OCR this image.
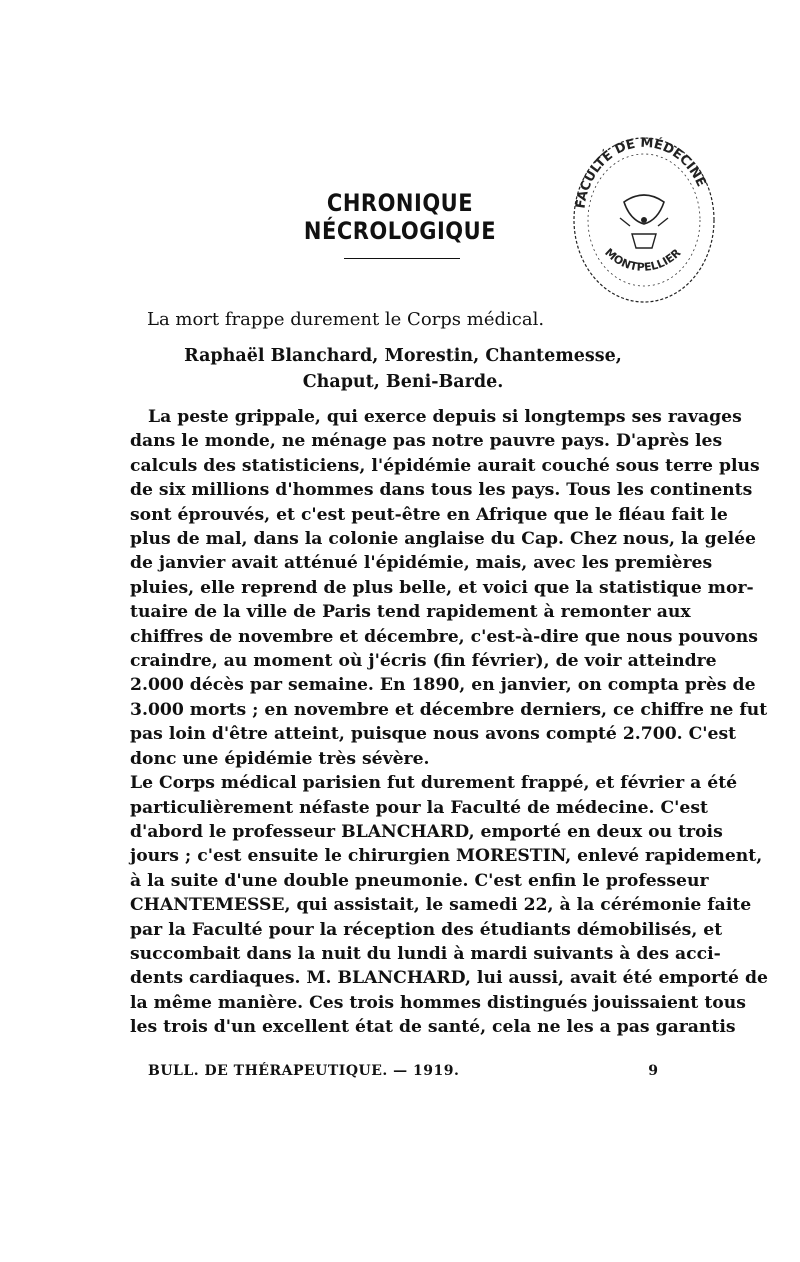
CHRONIQUE NÉCROLOGIQUE
FACULTÉ DE MÉDECINE
MONTPELLIER
La mort frappe durement le Corps médical.
Raphaël Blanchard, Morestin, Chantemesse,
Chaput, Beni-Barde.
La peste grippale, qui exerce depuis si longtemps ses ravages
dans le monde, ne ménage pas notre pauvre pays. D'après les
calculs des statisticiens, l'épidémie aurait couché sous terre plus
de six millions d'hommes dans tous les pays. Tous les continents
sont éprouvés, et c'est peut-être en Afrique que le fléau fait le
plus de mal, dans la colonie anglaise du Cap. Chez nous, la gelée
de janvier avait atténué l'épidémie, mais, avec les premières
pluies, elle reprend de plus belle, et voici que la statistique mor-
tuaire de la ville de Paris tend rapidement à remonter aux
chiffres de novembre et décembre, c'est-à-dire que nous pouvons
craindre, au moment où j'écris (fin février), de voir atteindre
2.000 décès par semaine. En 1890, en janvier, on compta près de
3.000 morts ; en novembre et décembre derniers, ce chiffre ne fut
pas loin d'être atteint, puisque nous avons compté 2.700. C'est
donc une épidémie très sévère.
Le Corps médical parisien fut durement frappé, et février a été
particulièrement néfaste pour la Faculté de médecine. C'est
d'abord le professeur BLANCHARD, emporté en deux ou trois
jours ; c'est ensuite le chirurgien MORESTIN, enlevé rapidement,
à la suite d'une double pneumonie. C'est enfin le professeur
CHANTEMESSE, qui assistait, le samedi 22, à la cérémonie faite
par la Faculté pour la réception des étudiants démobilisés, et
succombait dans la nuit du lundi à mardi suivants à des acci-
dents cardiaques. M. BLANCHARD, lui aussi, avait été emporté de
la même manière. Ces trois hommes distingués jouissaient tous
les trois d'un excellent état de santé, cela ne les a pas garantis
BULL. DE THÉRAPEUTIQUE. — 1919.	9
